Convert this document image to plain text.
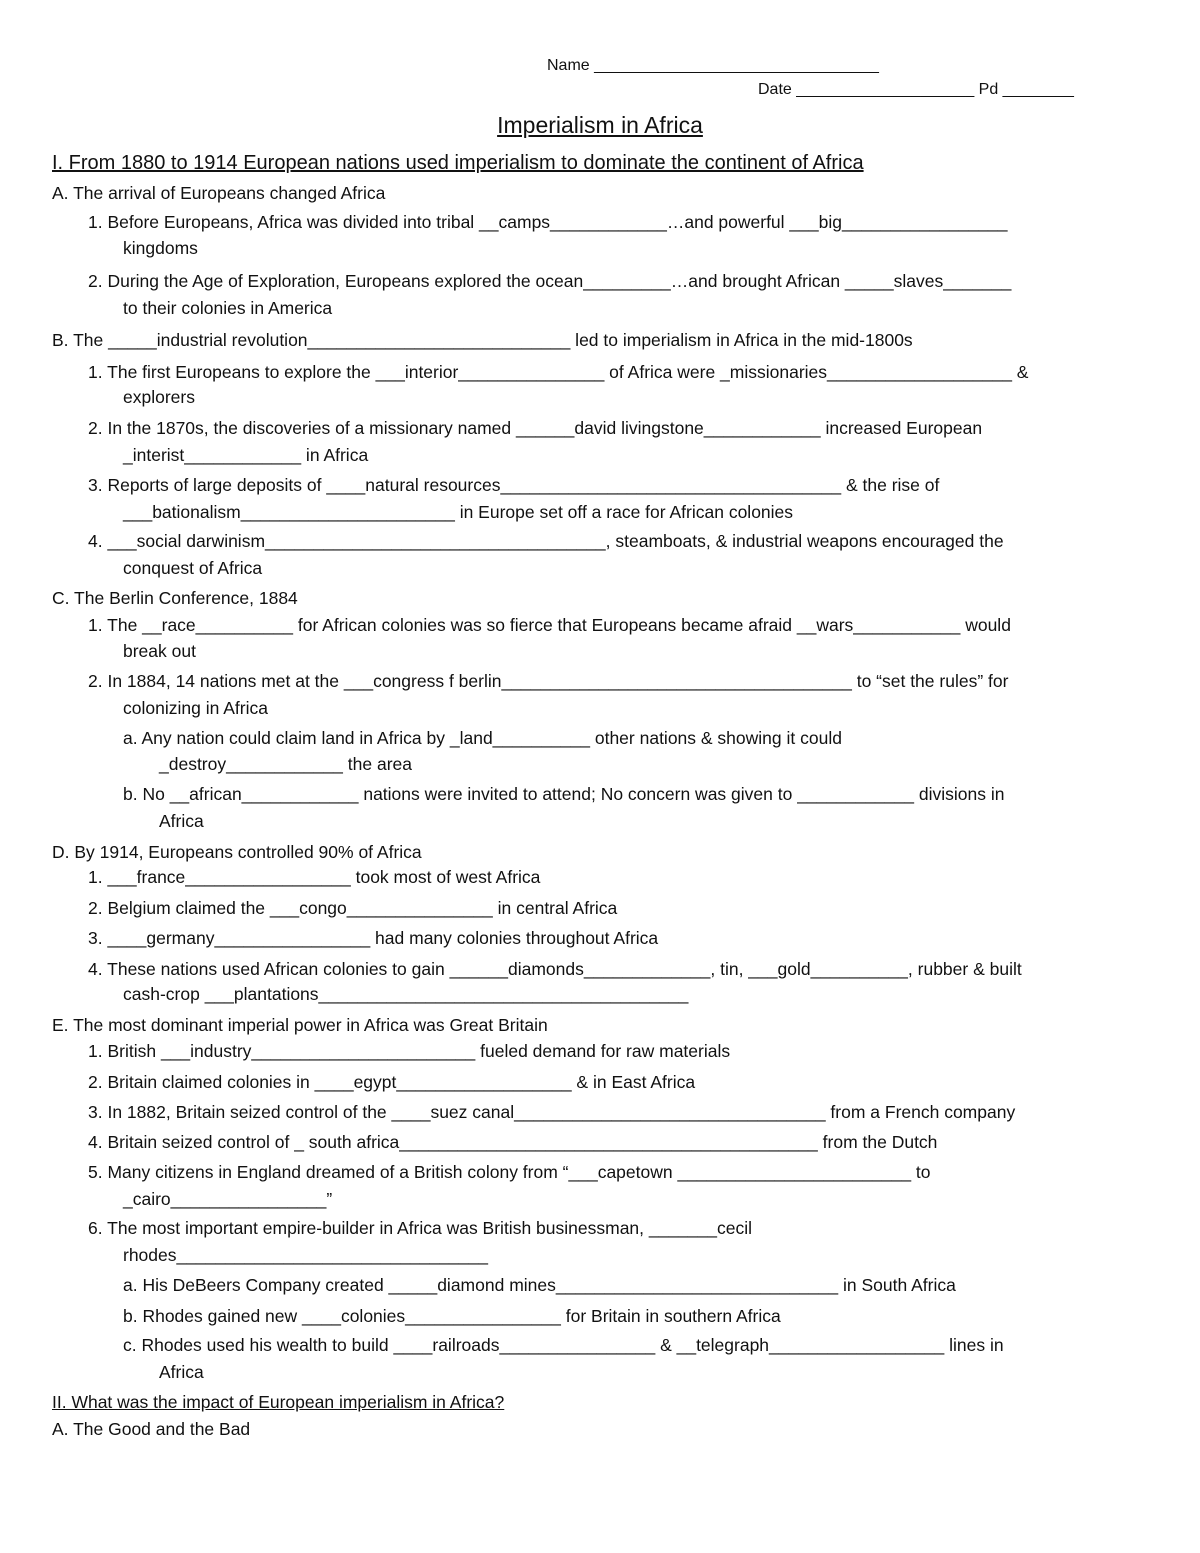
Name ________________________________

Date ____________________ Pd ________

Imperialism in Africa

I. From 1880 to 1914 European nations used imperialism to dominate the continent of Africa

A. The arrival of Europeans changed Africa

1. Before Europeans, Africa was divided into tribal __camps____________…and powerful ___big_________________

kingdoms

2. During the Age of Exploration, Europeans explored the ocean_________…and brought African _____slaves_______

to their colonies in America

B. The _____industrial revolution___________________________ led to imperialism in Africa in the mid-1800s

1. The first Europeans to explore the ___interior_______________ of Africa were _missionaries___________________ &

explorers

2. In the 1870s, the discoveries of a missionary named ______david livingstone____________ increased European

_interist____________ in Africa

3. Reports of large deposits of ____natural resources___________________________________ & the rise of

___bationalism______________________ in Europe set off a race for African colonies

4. ___social darwinism___________________________________, steamboats, & industrial weapons encouraged the

conquest of Africa

C. The Berlin Conference, 1884

1. The __race__________ for African colonies was so fierce that Europeans became afraid __wars___________ would

break out

2. In 1884, 14 nations met at the ___congress f berlin____________________________________ to “set the rules” for

colonizing in Africa

a. Any nation could claim land in Africa by _land__________ other nations & showing it could

_destroy____________ the area

b. No __african____________ nations were invited to attend; No concern was given to ____________ divisions in

Africa

D. By 1914, Europeans controlled 90% of Africa

1. ___france_________________ took most of west Africa

2. Belgium claimed the ___congo_______________ in central Africa

3. ____germany________________ had many colonies throughout Africa

4. These nations used African colonies to gain ______diamonds_____________, tin, ___gold__________, rubber & built

cash-crop ___plantations______________________________________

E. The most dominant imperial power in Africa was Great Britain

1. British ___industry_______________________ fueled demand for raw materials

2. Britain claimed colonies in ____egypt__________________ & in East Africa

3. In 1882, Britain seized control of the ____suez canal________________________________ from a French company

4. Britain seized control of _ south africa___________________________________________ from the Dutch

5. Many citizens in England dreamed of a British colony from “___capetown ________________________ to

_cairo________________”

6. The most important empire-builder in Africa was British businessman, _______cecil

rhodes________________________________

a. His DeBeers Company created _____diamond mines_____________________________ in South Africa

b. Rhodes gained new ____colonies________________ for Britain in southern Africa

c. Rhodes used his wealth to build ____railroads________________ & __telegraph__________________ lines in

Africa

II. What was the impact of European imperialism in Africa?

A. The Good and the Bad
